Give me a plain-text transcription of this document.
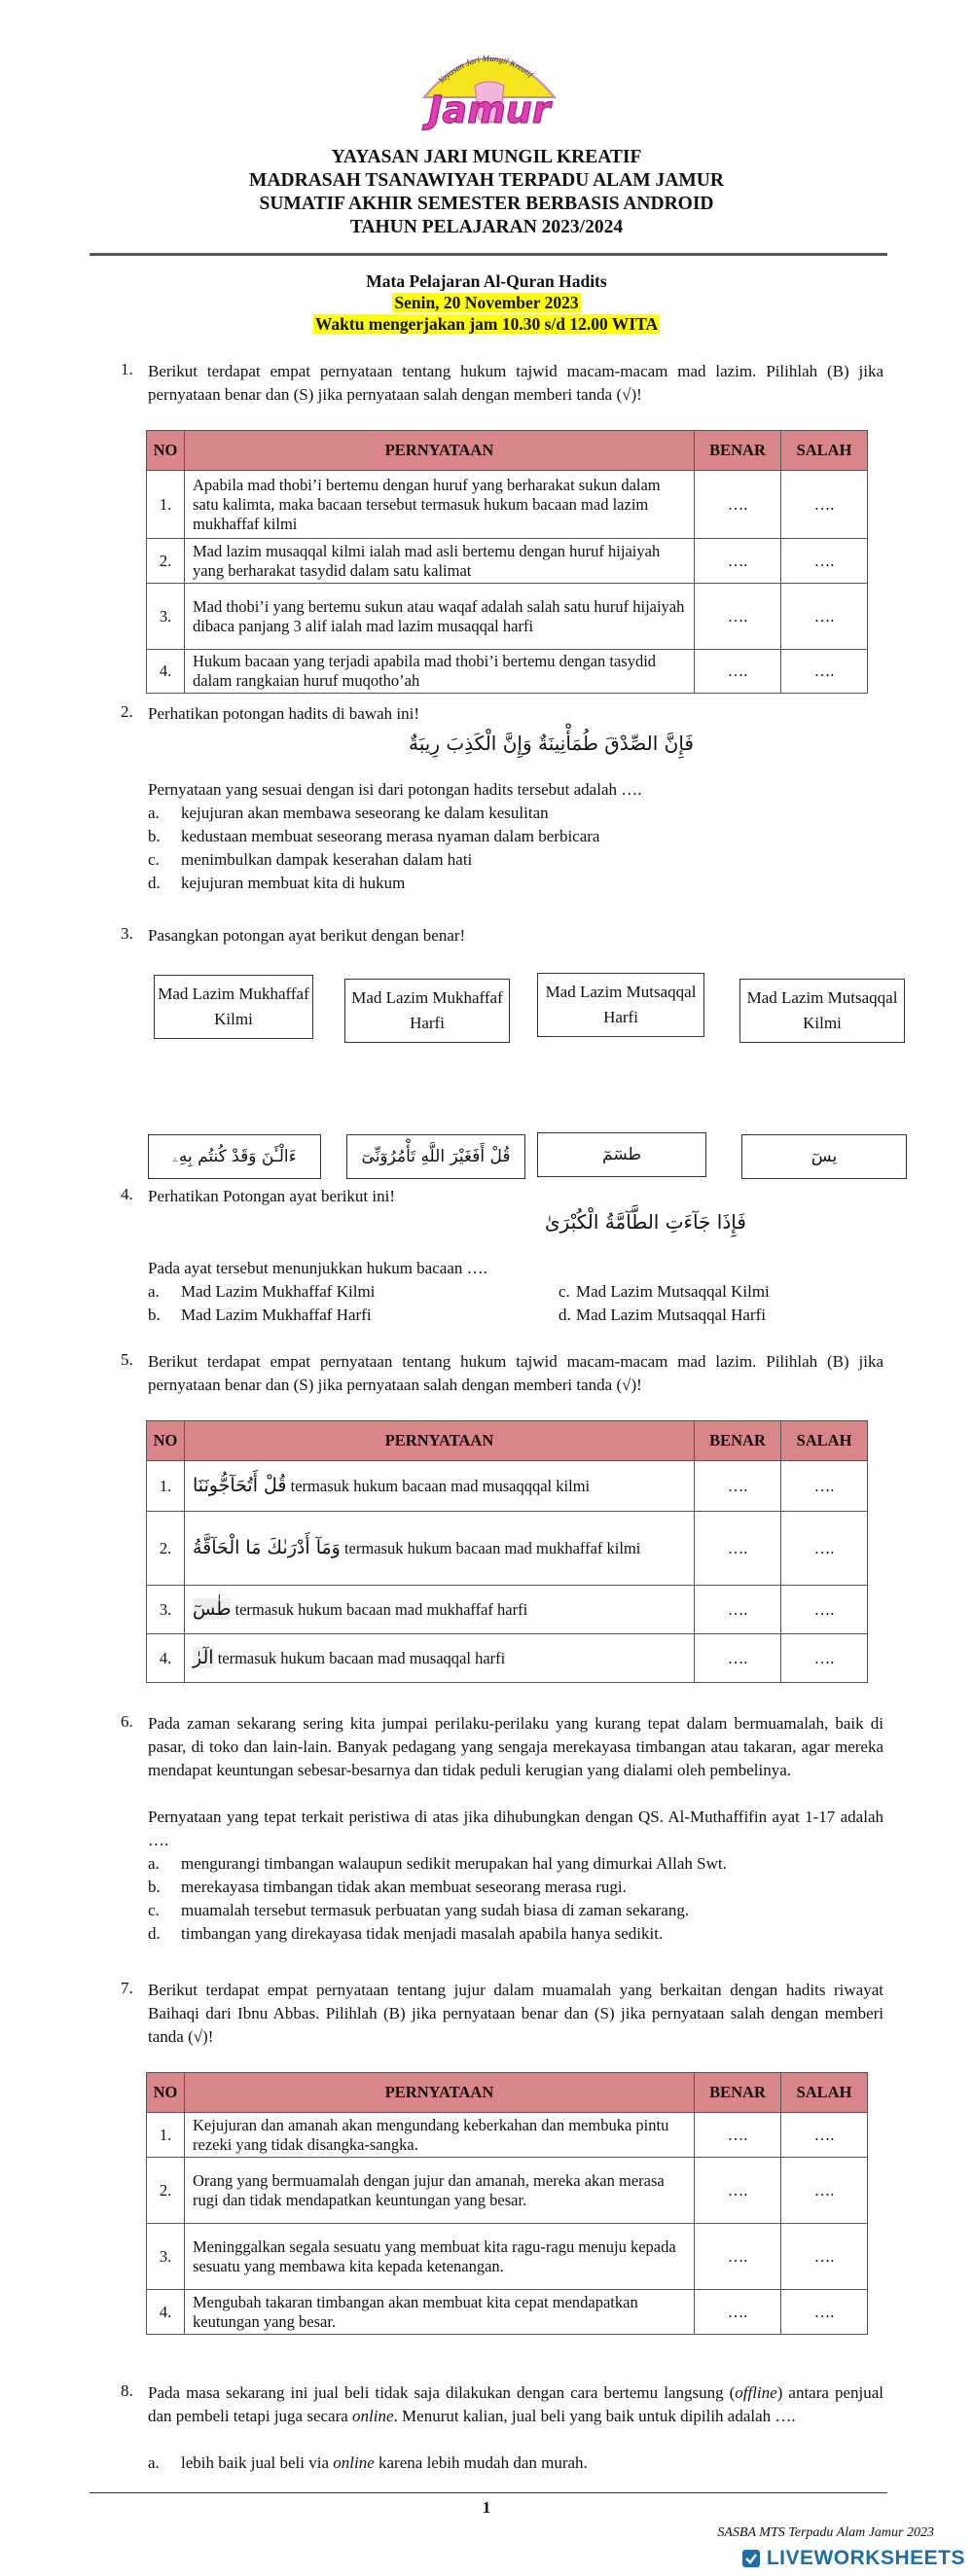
Yayasan Jari Mungil Kreatif
Jamur
YAYASAN JARI MUNGIL KREATIF
MADRASAH TSANAWIYAH TERPADU ALAM JAMUR
SUMATIF AKHIR SEMESTER BERBASIS ANDROID
TAHUN PELAJARAN 2023/2024
Mata Pelajaran Al-Quran Hadits
Senin, 20 November 2023
Waktu mengerjakan jam 10.30 s/d 12.00 WITA
1. Berikut terdapat empat pernyataan tentang hukum tajwid macam-macam mad lazim. Pilihlah (B) jika pernyataan benar dan (S) jika pernyataan salah dengan memberi tanda (√)!
NO	PERNYATAAN	BENAR	SALAH
1.	Apabila mad thobi’i bertemu dengan huruf yang berharakat sukun dalam satu kalimta, maka bacaan tersebut termasuk hukum bacaan mad lazim mukhaffaf kilmi	….	….
2.	Mad lazim musaqqal kilmi ialah mad asli bertemu dengan huruf hijaiyah yang berharakat tasydid dalam satu kalimat	….	….
3.	Mad thobi’i yang bertemu sukun atau waqaf adalah salah satu huruf hijaiyah dibaca panjang 3 alif ialah mad lazim musaqqal harfi	….	….
4.	Hukum bacaan yang terjadi apabila mad thobi’i bertemu dengan tasydid dalam rangkaian huruf muqotho’ah	….	….
2. Perhatikan potongan hadits di bawah ini!
فَإِنَّ الصِّدْقَ طُمَأْنِينَةٌ وَإِنَّ الْكَذِبَ رِيبَةٌ
Pernyataan yang sesuai dengan isi dari potongan hadits tersebut adalah ….
a. kejujuran akan membawa seseorang ke dalam kesulitan
b. kedustaan membuat seseorang merasa nyaman dalam berbicara
c. menimbulkan dampak keserahan dalam hati
d. kejujuran membuat kita di hukum
3. Pasangkan potongan ayat berikut dengan benar!
Mad Lazim Mukhaffaf Kilmi
Mad Lazim Mukhaffaf Harfi
Mad Lazim Mutsaqqal Harfi
Mad Lazim Mutsaqqal Kilmi
ءَالْـَٔنَ وَقَدْ كُنتُم بِهِۦ	قُلْ أَفَغَيْرَ اللَّهِ تَأْمُرُوٓنِّىٓ	طسٓمٓ	يسٓ
4. Perhatikan Potongan ayat berikut ini!
فَإِذَا جَآءَتِ الطَّآمَّةُ الْكُبْرَىٰ
Pada ayat tersebut menunjukkan hukum bacaan ….
a. Mad Lazim Mukhaffaf Kilmi
b. Mad Lazim Mukhaffaf Harfi
c. Mad Lazim Mutsaqqal Kilmi
d. Mad Lazim Mutsaqqal Harfi
5. Berikut terdapat empat pernyataan tentang hukum tajwid macam-macam mad lazim. Pilihlah (B) jika pernyataan benar dan (S) jika pernyataan salah dengan memberi tanda (√)!
NO	PERNYATAAN	BENAR	SALAH
1.	قُلْ أَتُحَآجُّونَنَا termasuk hukum bacaan mad musaqqqal kilmi	….	….
2.	وَمَآ أَدْرَىٰكَ مَا الْحَآقَّةُ termasuk hukum bacaan mad mukhaffaf kilmi	….	….
3.	طٰسٓ termasuk hukum bacaan mad mukhaffaf harfi	….	….
4.	الٓرٰ termasuk hukum bacaan mad musaqqal harfi	….	….
6. Pada zaman sekarang sering kita jumpai perilaku-perilaku yang kurang tepat dalam bermuamalah, baik di pasar, di toko dan lain-lain. Banyak pedagang yang sengaja merekayasa timbangan atau takaran, agar mereka mendapat keuntungan sebesar-besarnya dan tidak peduli kerugian yang dialami oleh pembelinya.
Pernyataan yang tepat terkait peristiwa di atas jika dihubungkan dengan QS. Al-Muthaffifin ayat 1-17 adalah ….
a. mengurangi timbangan walaupun sedikit merupakan hal yang dimurkai Allah Swt.
b. merekayasa timbangan tidak akan membuat seseorang merasa rugi.
c. muamalah tersebut termasuk perbuatan yang sudah biasa di zaman sekarang.
d. timbangan yang direkayasa tidak menjadi masalah apabila hanya sedikit.
7. Berikut terdapat empat pernyataan tentang jujur dalam muamalah yang berkaitan dengan hadits riwayat Baihaqi dari Ibnu Abbas. Pilihlah (B) jika pernyataan benar dan (S) jika pernyataan salah dengan memberi tanda (√)!
NO	PERNYATAAN	BENAR	SALAH
1.	Kejujuran dan amanah akan mengundang keberkahan dan membuka pintu rezeki yang tidak disangka-sangka.	….	….
2.	Orang yang bermuamalah dengan jujur dan amanah, mereka akan merasa rugi dan tidak mendapatkan keuntungan yang besar.	….	….
3.	Meninggalkan segala sesuatu yang membuat kita ragu-ragu menuju kepada sesuatu yang membawa kita kepada ketenangan.	….	….
4.	Mengubah takaran timbangan akan membuat kita cepat mendapatkan keutungan yang besar.	….	….
8. Pada masa sekarang ini jual beli tidak saja dilakukan dengan cara bertemu langsung (offline) antara penjual dan pembeli tetapi juga secara online. Menurut kalian, jual beli yang baik untuk dipilih adalah ….
a. lebih baik jual beli via online karena lebih mudah dan murah.
1
SASBA MTS Terpadu Alam Jamur 2023
LIVEWORKSHEETS
